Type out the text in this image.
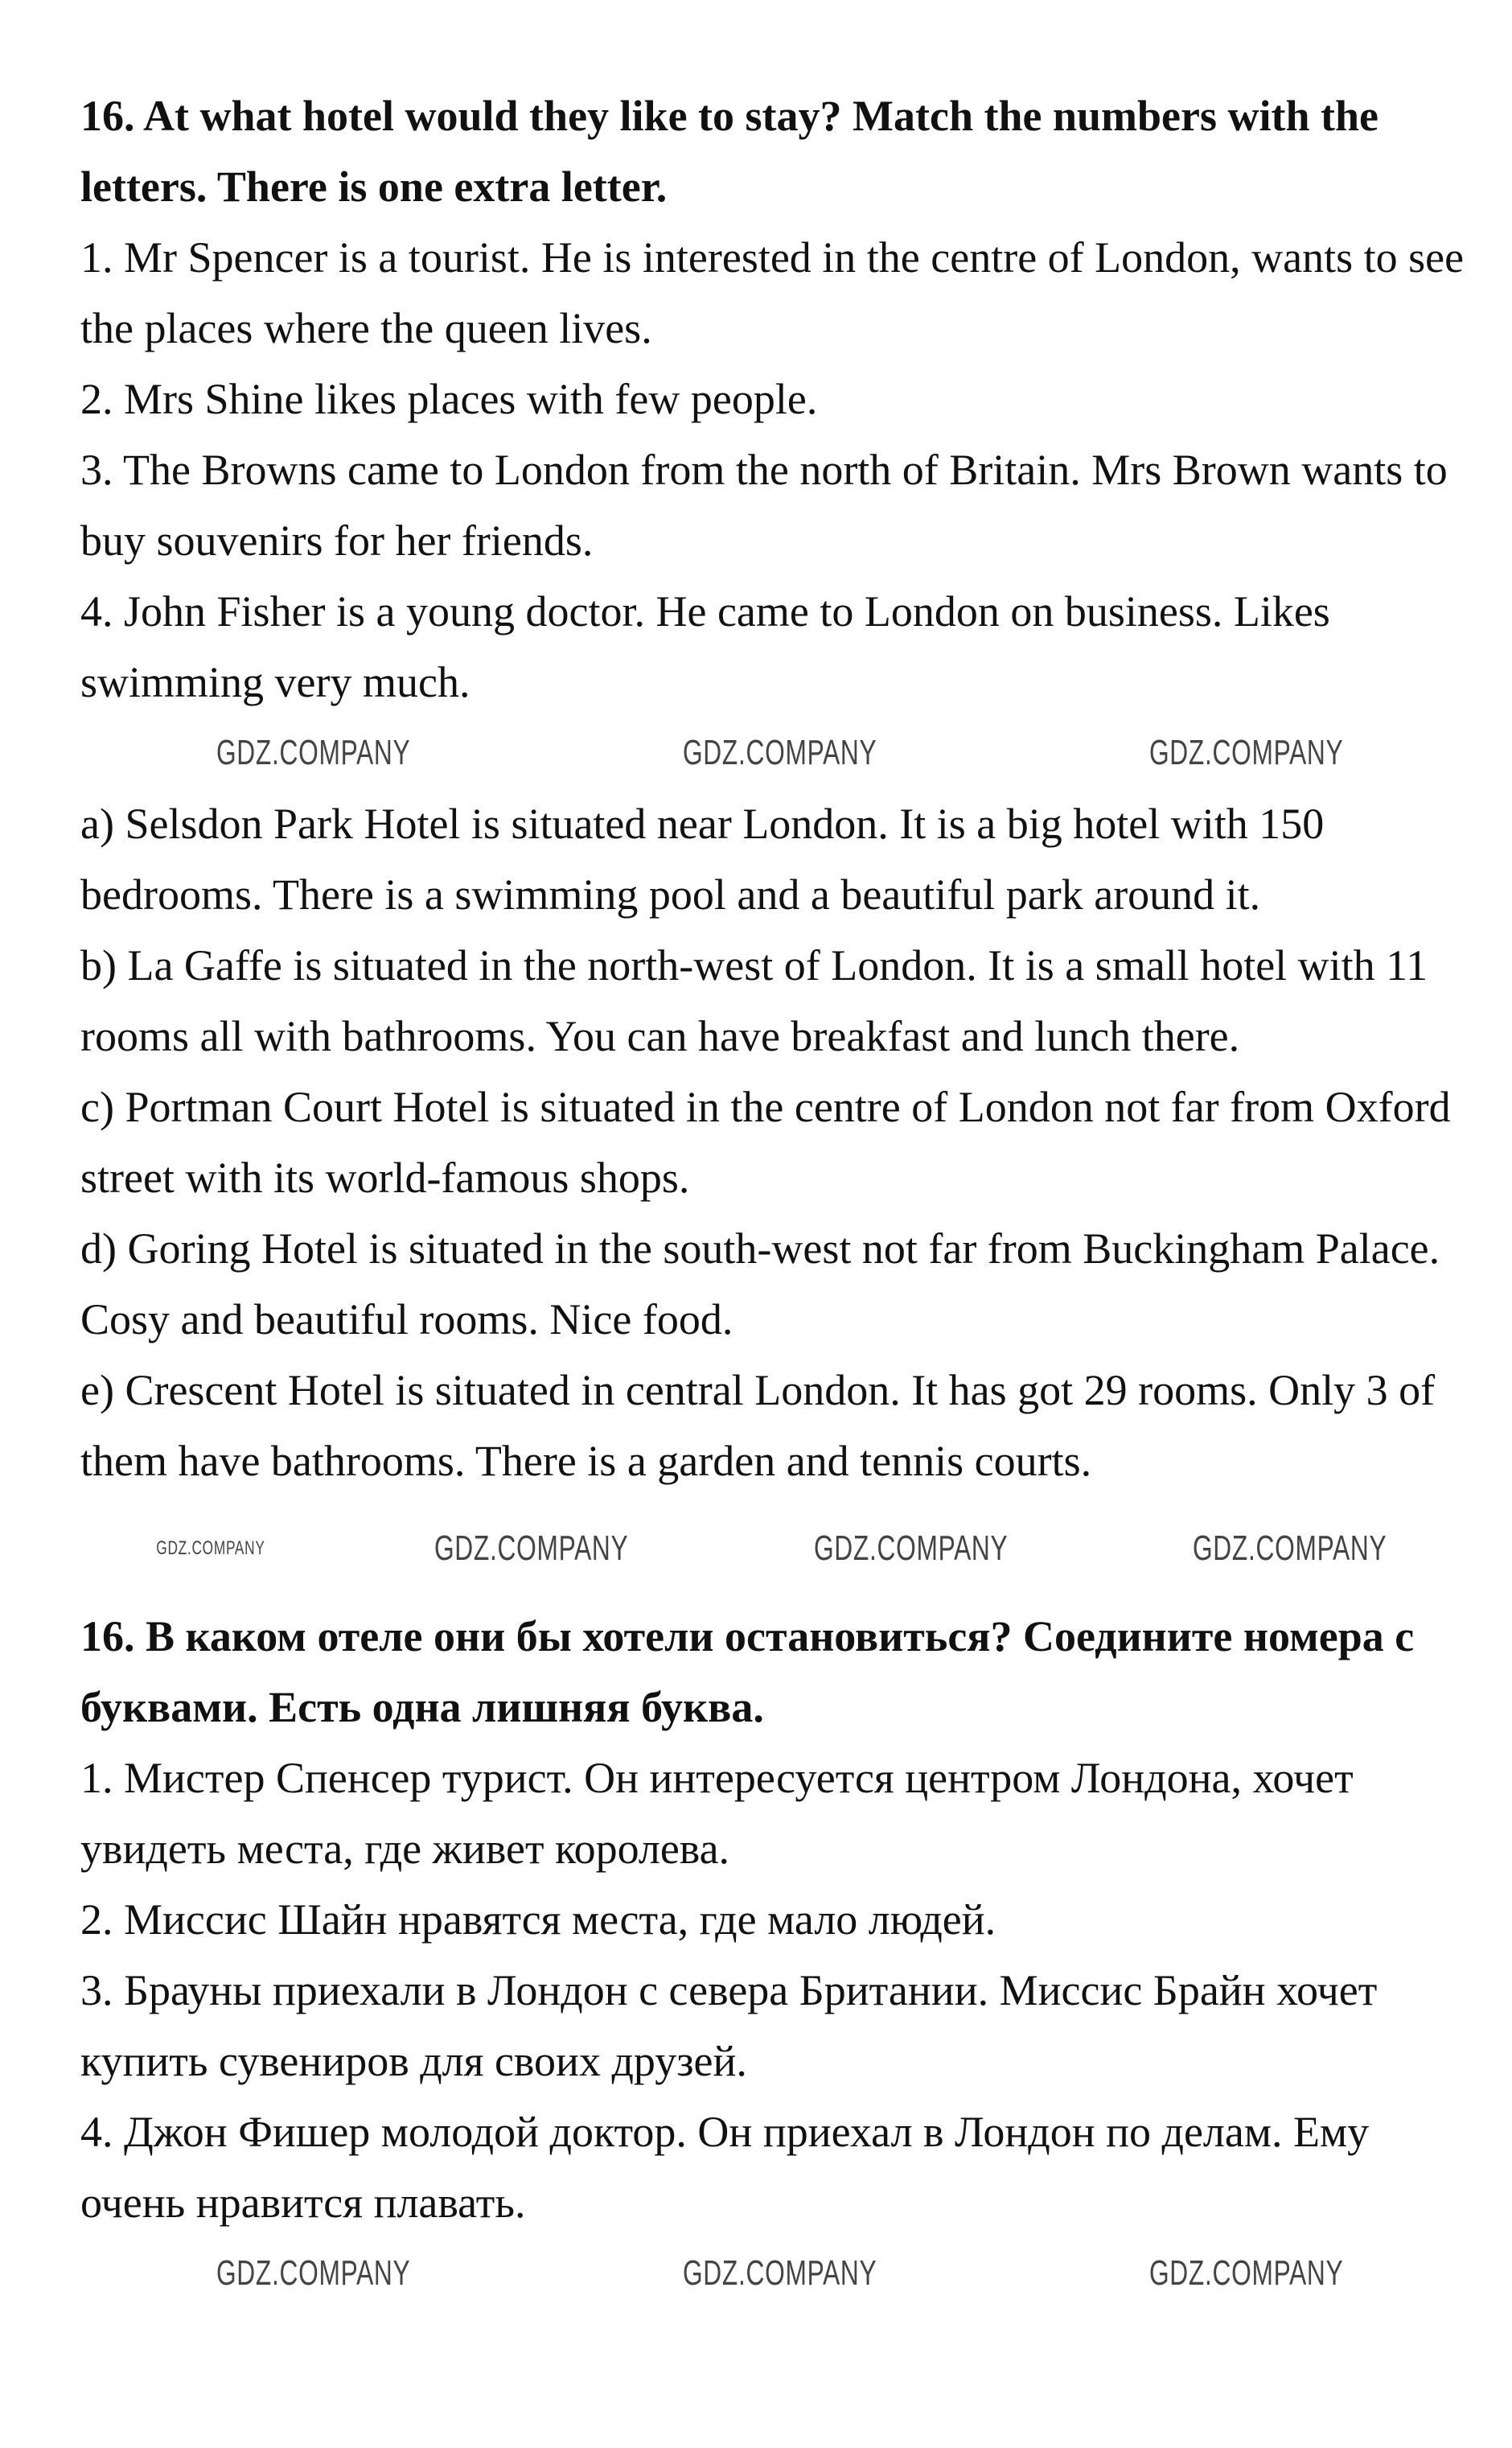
16. At what hotel would they like to stay? Match the numbers with the letters. There is one extra letter.

1. Mr Spencer is a tourist. He is interested in the centre of London, wants to see the places where the queen lives.

2. Mrs Shine likes places with few people.

3. The Browns came to London from the north of Britain. Mrs Brown wants to buy souvenirs for her friends.

4. John Fisher is a young doctor. He came to London on business. Likes swimming very much.

GDZ.COMPANY	GDZ.COMPANY	GDZ.COMPANY

a) Selsdon Park Hotel is situated near London. It is a big hotel with 150 bedrooms. There is a swimming pool and a beautiful park around it.

b) La Gaffe is situated in the north-west of London. It is a small hotel with 11 rooms all with bathrooms. You can have breakfast and lunch there.

c) Portman Court Hotel is situated in the centre of London not far from Oxford street with its world-famous shops.

d) Goring Hotel is situated in the south-west not far from Buckingham Palace. Cosy and beautiful rooms. Nice food.

e) Crescent Hotel is situated in central London. It has got 29 rooms. Only 3 of them have bathrooms. There is a garden and tennis courts.

GDZ.COMPANY	GDZ.COMPANY	GDZ.COMPANY	GDZ.COMPANY

16. В каком отеле они бы хотели остановиться? Соедините номера с буквами. Есть одна лишняя буква.

1. Мистер Спенсер турист. Он интересуется центром Лондона, хочет увидеть места, где живет королева.

2. Миссис Шайн нравятся места, где мало людей.

3. Брауны приехали в Лондон с севера Британии. Миссис Брайн хочет купить сувениров для своих друзей.

4. Джон Фишер молодой доктор. Он приехал в Лондон по делам. Ему очень нравится плавать.

GDZ.COMPANY	GDZ.COMPANY	GDZ.COMPANY
